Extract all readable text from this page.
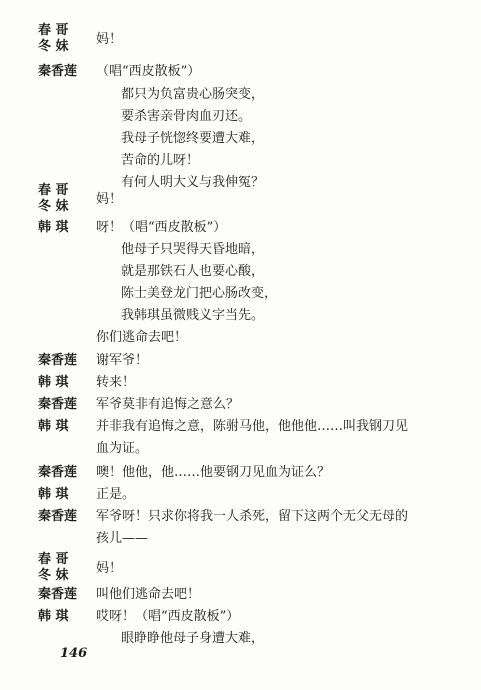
春 哥
冬 妹 妈！
秦香莲 （唱“西皮散板”）
都只为负富贵心肠突变，
要杀害亲骨肉血刃还。
我母子恍惚终要遭大难，
苦命的儿呀！
有何人明大义与我伸冤？
春 哥
冬 妹 妈！
韩 琪 呀！（唱“西皮散板”）
他母子只哭得天昏地暗，
就是那铁石人也要心酸，
陈士美登龙门把心肠改变，
我韩琪虽微贱义字当先。
你们逃命去吧！
秦香莲 谢军爷！
韩 琪 转来！
秦香莲 军爷莫非有追悔之意么？
韩 琪 并非我有追悔之意，陈驸马他，他他他……叫我钢刀见
血为证。
秦香莲 噢！他他，他……他要钢刀见血为证么？
韩 琪 正是。
秦香莲 军爷呀！只求你将我一人杀死，留下这两个无父无母的
孩儿——
春 哥
冬 妹 妈！
秦香莲 叫他们逃命去吧！
韩 琪 哎呀！（唱“西皮散板”）
眼睁睁他母子身遭大难，
146
